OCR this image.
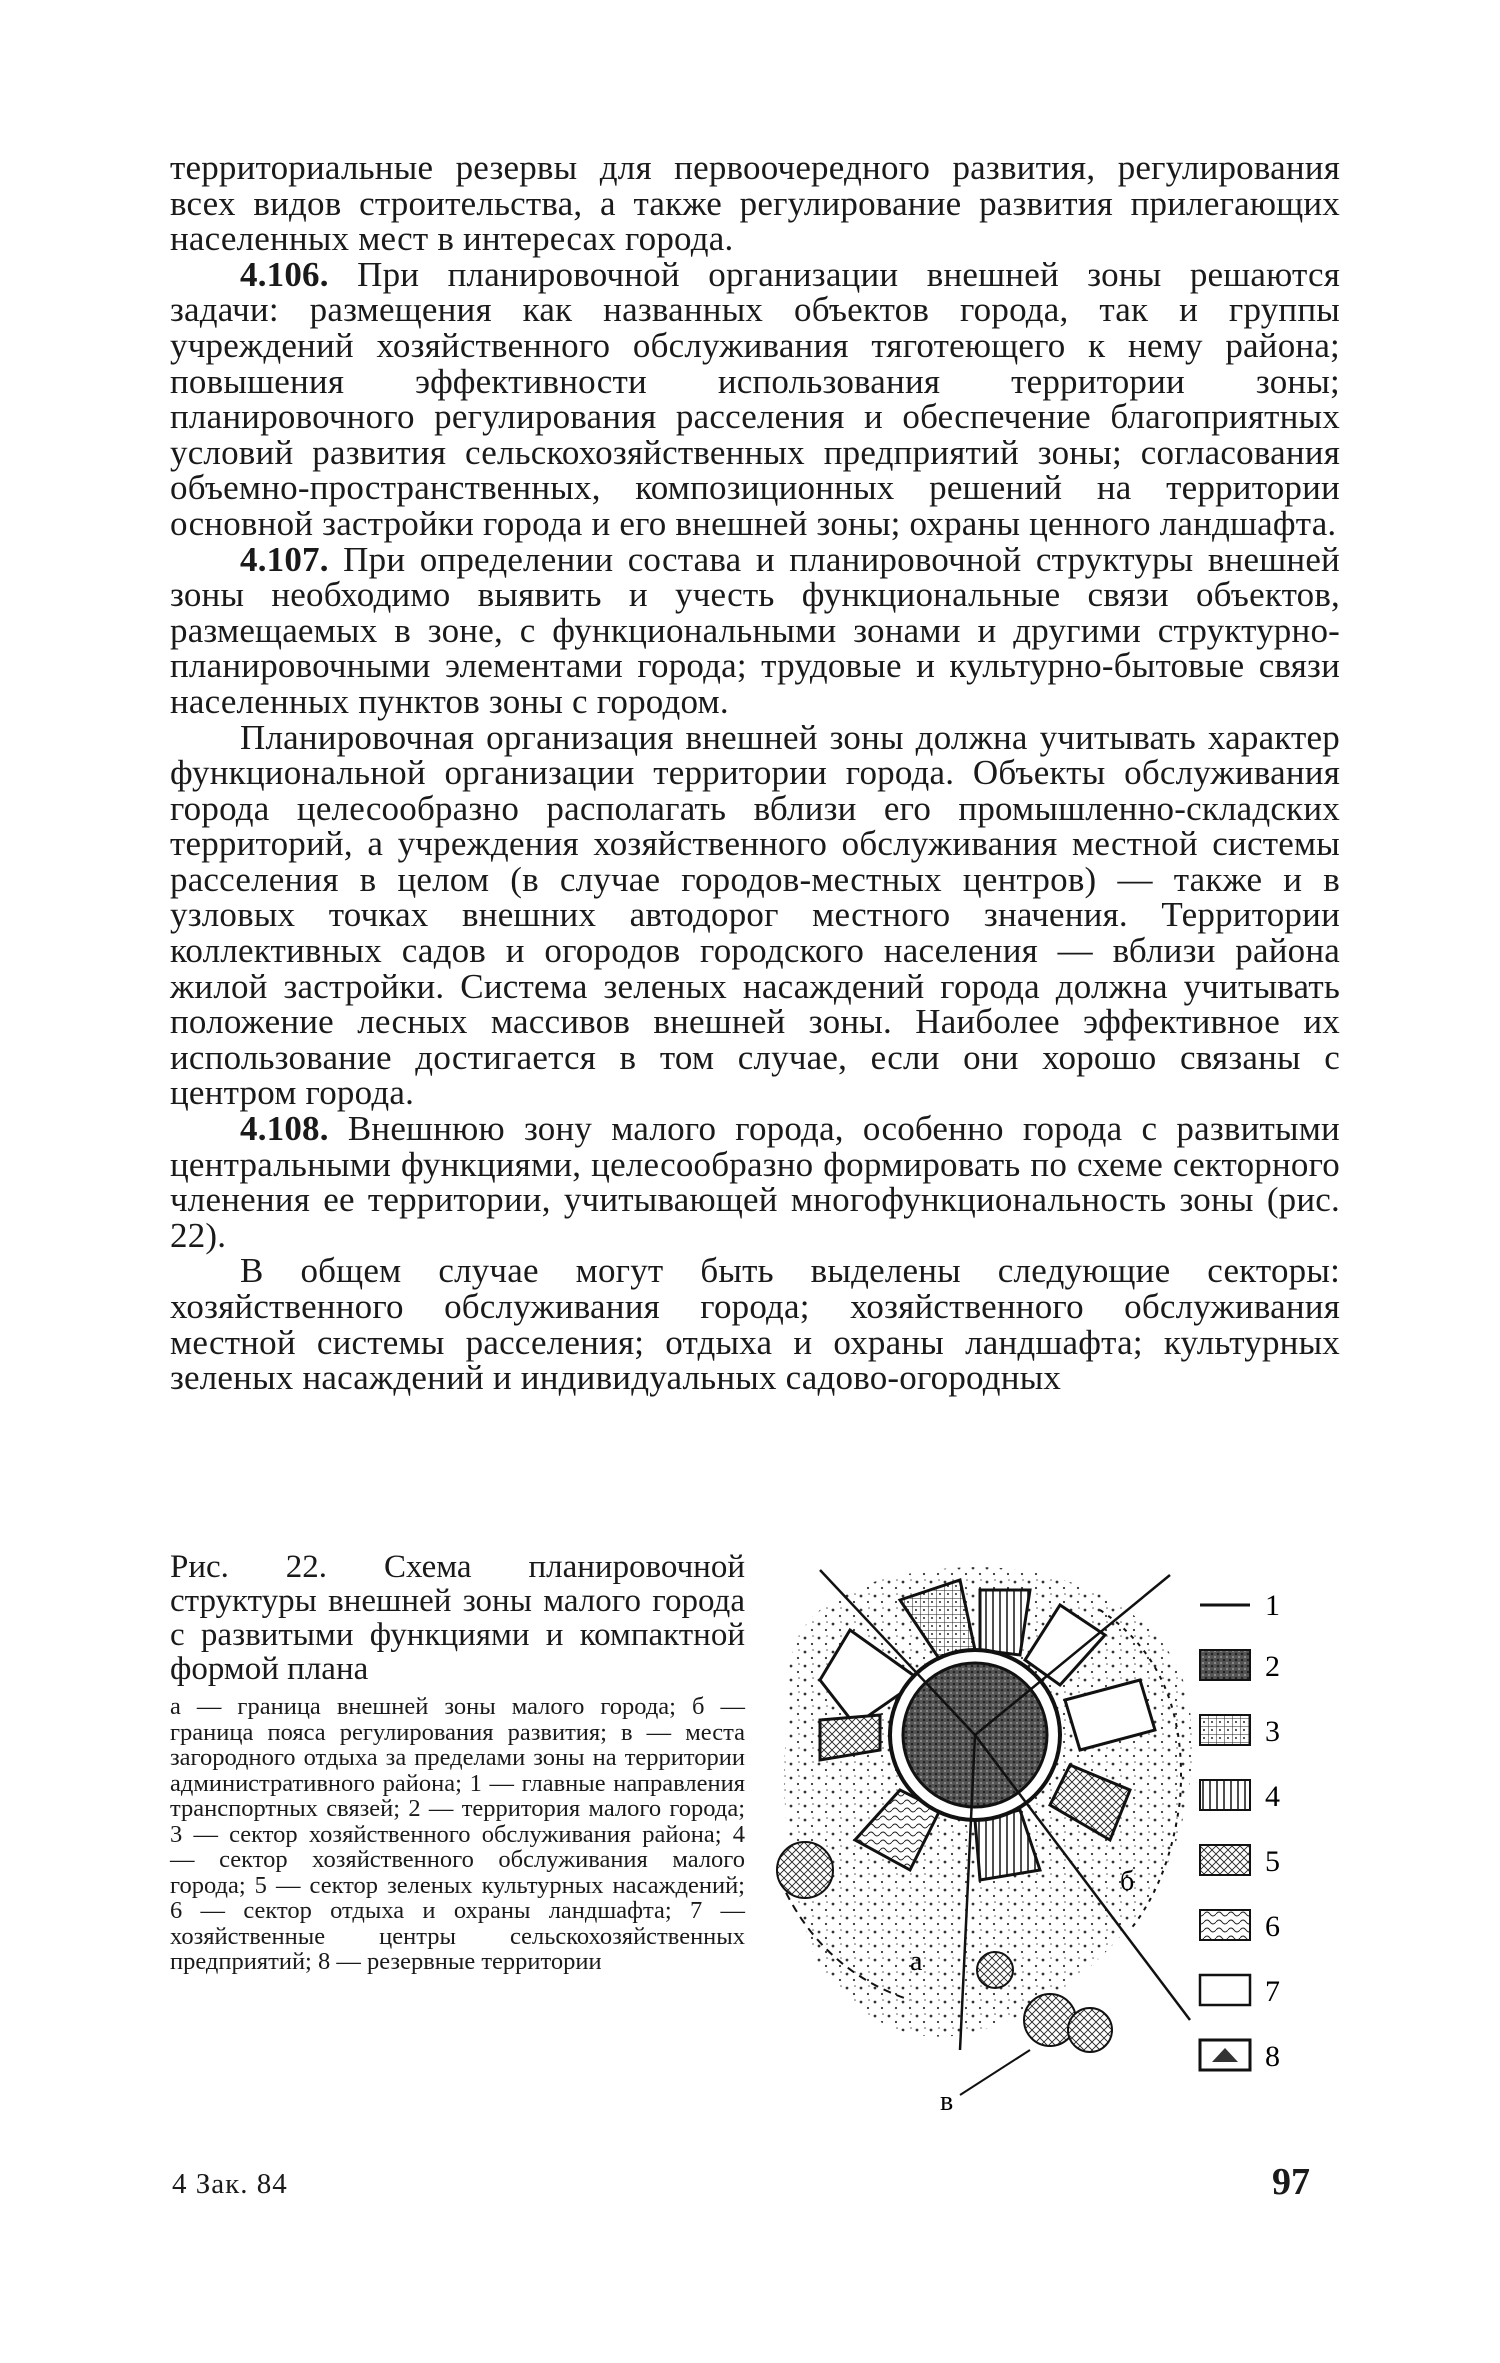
территориальные резервы для первоочередного развития, регулирования всех видов строительства, а также регулирование развития прилегающих населенных мест в интересах города.

4.106. При планировочной организации внешней зоны решаются задачи: размещения как названных объектов города, так и группы учреждений хозяйственного обслуживания тяготеющего к нему района; повышения эффективности использования территории зоны; планировочного регулирования расселения и обеспечение благоприятных условий развития сельскохозяйственных предприятий зоны; согласования объемно-пространственных, композиционных решений на территории основной застройки города и его внешней зоны; охраны ценного ландшафта.

4.107. При определении состава и планировочной структуры внешней зоны необходимо выявить и учесть функциональные связи объектов, размещаемых в зоне, с функциональными зонами и другими структурно-планировочными элементами города; трудовые и культурно-бытовые связи населенных пунктов зоны с городом.

Планировочная организация внешней зоны должна учитывать характер функциональной организации территории города. Объекты обслуживания города целесообразно располагать вблизи его промышленно-складских территорий, а учреждения хозяйственного обслуживания местной системы расселения в целом (в случае городов-местных центров) — также и в узловых точках внешних автодорог местного значения. Территории коллективных садов и огородов городского населения — вблизи района жилой застройки. Система зеленых насаждений города должна учитывать положение лесных массивов внешней зоны. Наиболее эффективное их использование достигается в том случае, если они хорошо связаны с центром города.

4.108. Внешнюю зону малого города, особенно города с развитыми центральными функциями, целесообразно формировать по схеме секторного членения ее территории, учитывающей многофункциональность зоны (рис. 22).

В общем случае могут быть выделены следующие секторы: хозяйственного обслуживания города; хозяйственного обслуживания местной системы расселения; отдыха и охраны ландшафта; культурных зеленых насаждений и индивидуальных садово-огородных

Рис. 22. Схема планировочной структуры внешней зоны малого города с развитыми функциями и компактной формой плана

а — граница внешней зоны малого города; б — граница пояса регулирования развития; в — места загородного отдыха за пределами зоны на территории административного района; 1 — главные направления транспортных связей; 2 — территория малого города; 3 — сектор хозяйственного обслуживания района; 4 — сектор хозяйственного обслуживания малого города; 5 — сектор зеленых культурных насаждений; 6 — сектор отдыха и охраны ландшафта; 7 — хозяйственные центры сельскохозяйственных предприятий; 8 — резервные территории	а
б
в
1
2
3
4
5
6
7
8
4 Зак. 84	97
